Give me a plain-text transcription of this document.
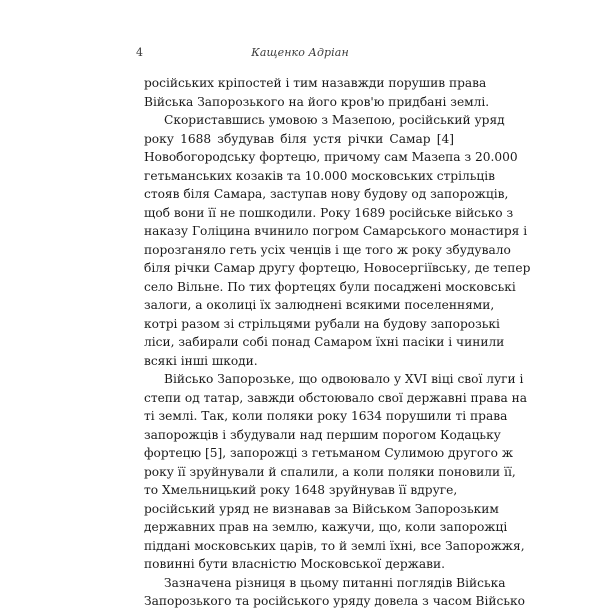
4	Кащенко Адріан

російських кріпостей і тим назавжди порушив права
Війська Запорозького на його кров'ю придбані землі.

Скориставшись умовою з Мазепою, російський уряд
року 1688 збудував біля устя річки Самар [4]
Новобогородську фортецю, причому сам Мазепа з 20.000
гетьманських козаків та 10.000 московських стрільців
стояв біля Самара, заступав нову будову од запорожців,
щоб вони її не пошкодили. Року 1689 російське військо з
наказу Голіцина вчинило погром Самарського монастиря і
порозганяло геть усіх ченців і ще того ж року збудувало
біля річки Самар другу фортецю, Новосергіївську, де тепер
село Вільне. По тих фортецях були посаджені московські
залоги, а околиці їх залюднені всякими поселеннями,
котрі разом зі стрільцями рубали на будову запорозькі
ліси, забирали собі понад Самаром їхні пасіки і чинили
всякі інші шкоди.

Військо Запорозьке, що одвоювало у XVI віці свої луги і
степи од татар, завжди обстоювало свої державні права на
ті землі. Так, коли поляки року 1634 порушили ті права
запорожців і збудували над першим порогом Кодацьку
фортецю [5], запорожці з гетьманом Сулимою другого ж
року її зруйнували й спалили, а коли поляки поновили її,
то Хмельницький року 1648 зруйнував її вдруге,
російський уряд не визнавав за Військом Запорозьким
державних прав на землю, кажучи, що, коли запорожці
піддані московських царів, то й землі їхні, все Запорожжя,
повинні бути власністю Московської держави.

Зазначена різниця в цьому питанні поглядів Війська
Запорозького та російського уряду довела з часом Військо
